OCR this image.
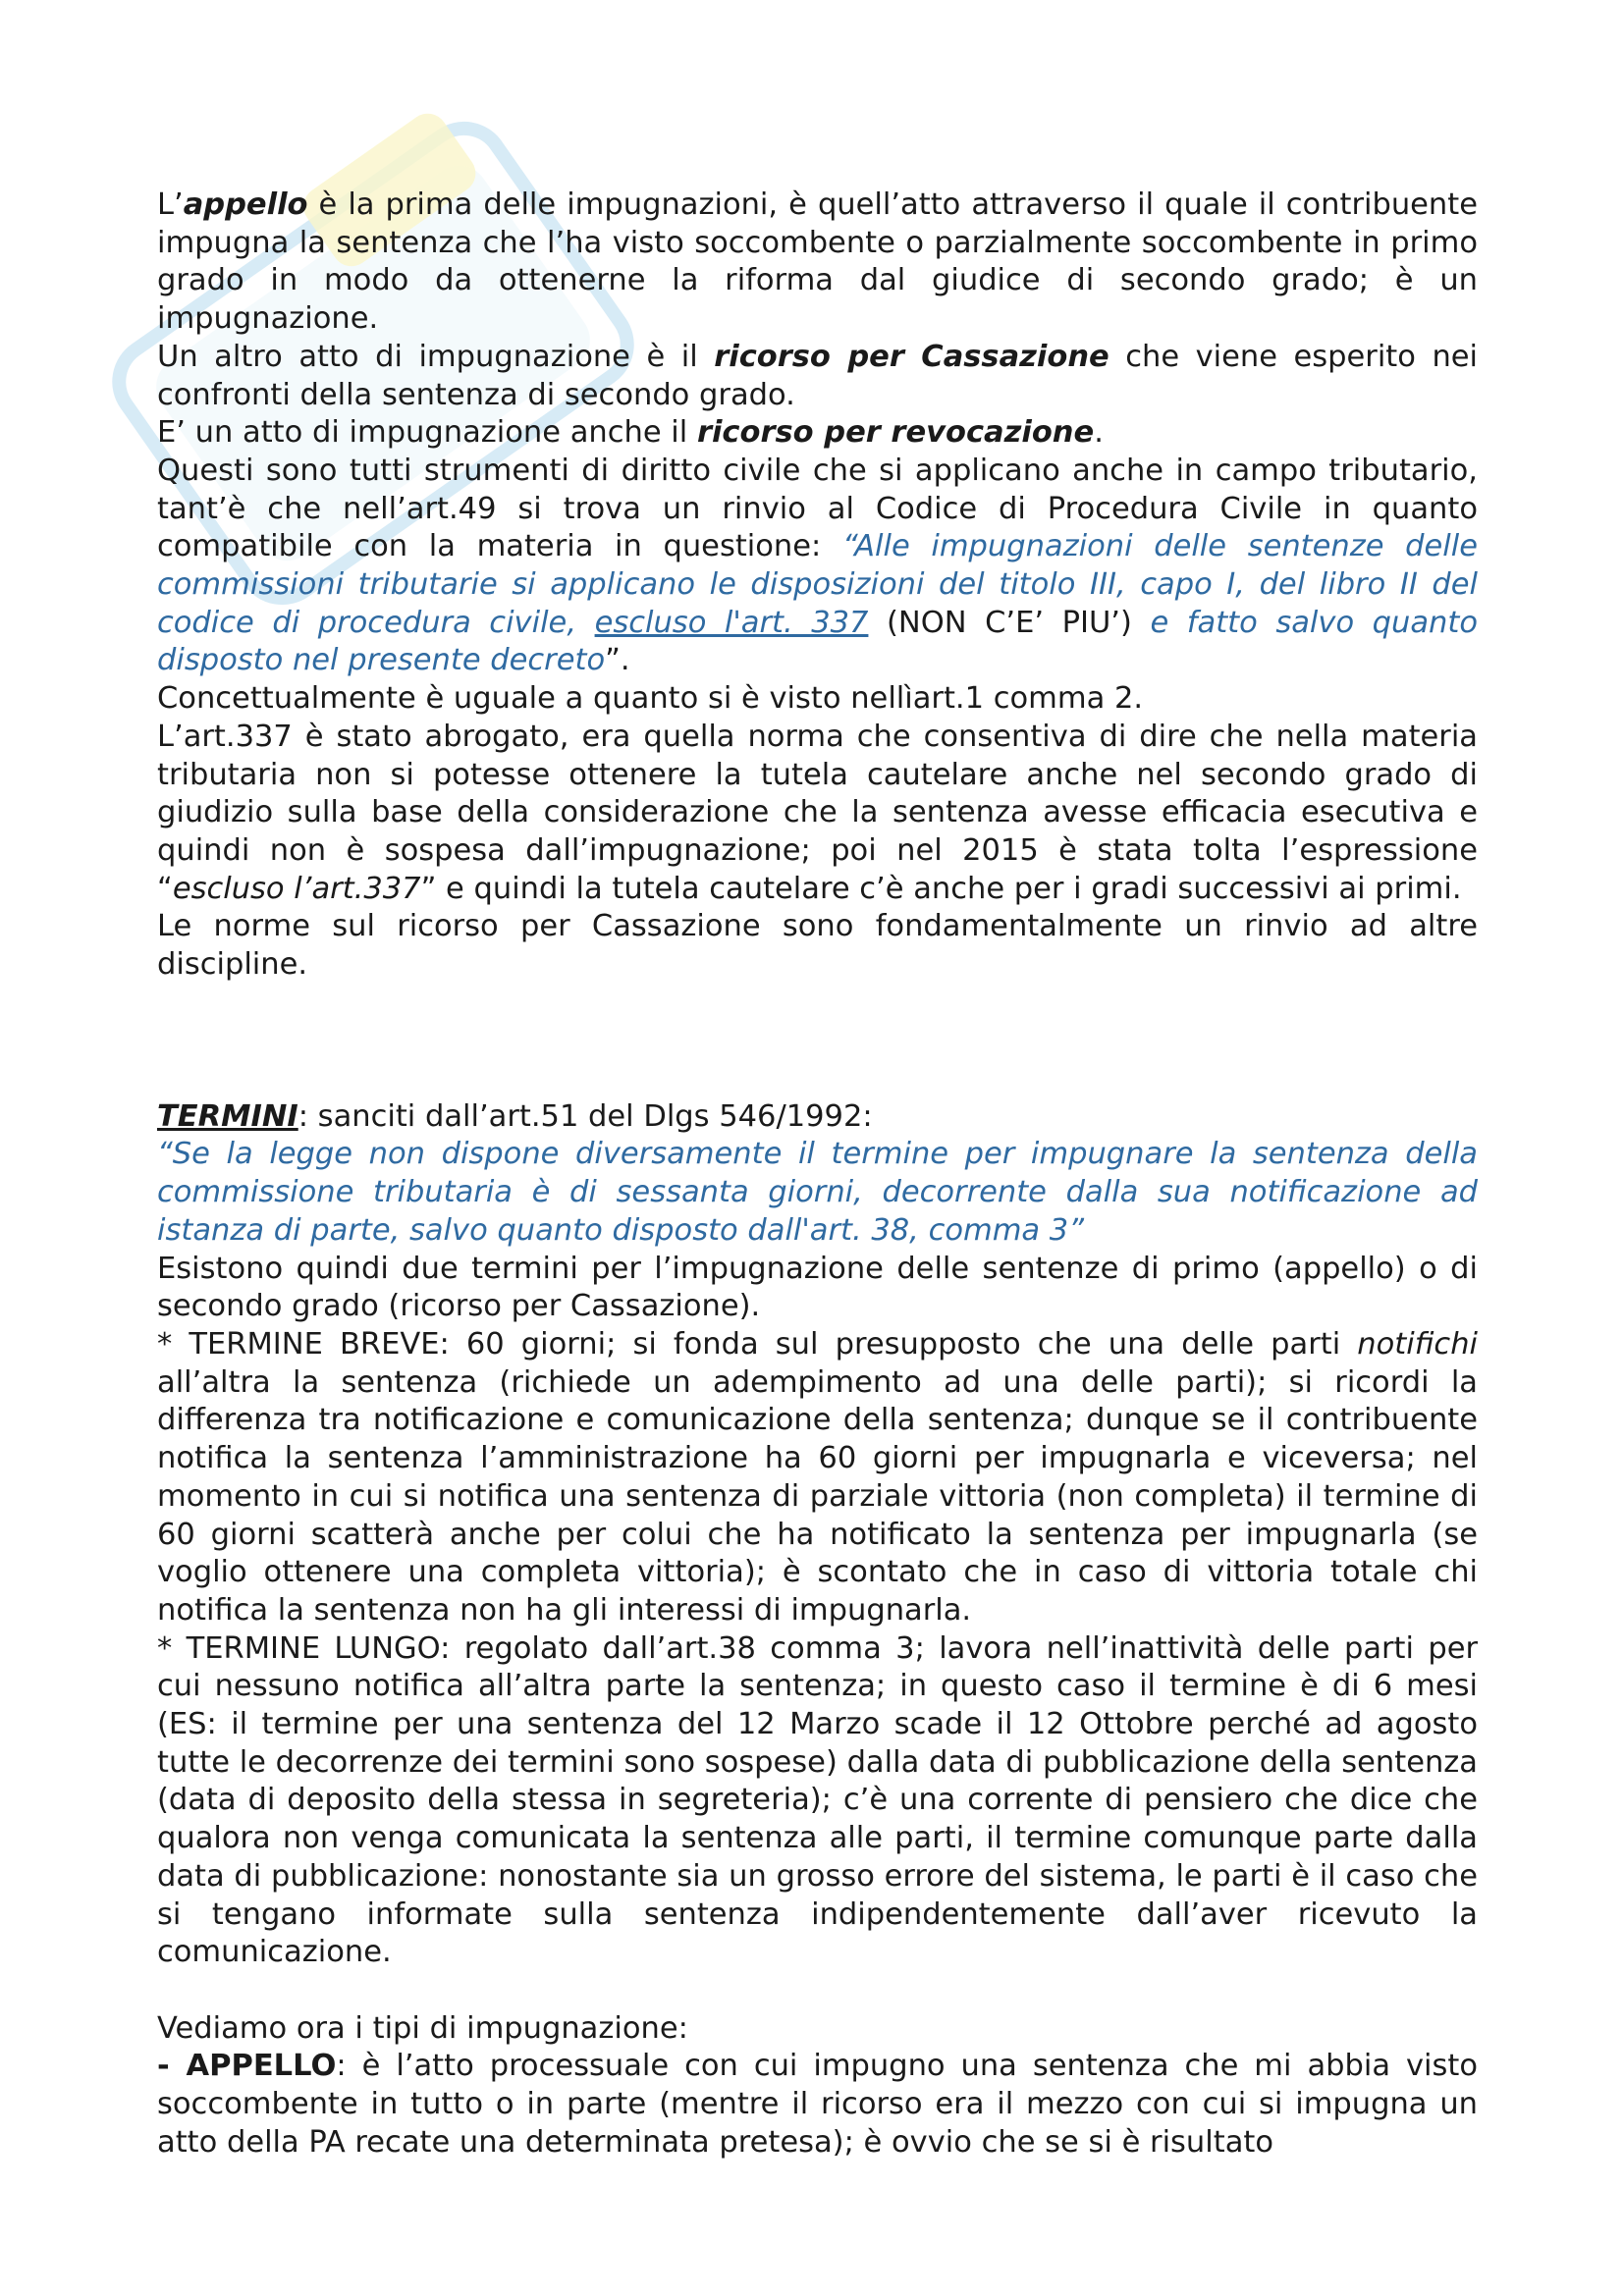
L’appello è la prima delle impugnazioni, è quell’atto attraverso il quale il contribuente impugna la sentenza che l’ha visto soccombente o parzialmente soccombente in primo grado in modo da ottenerne la riforma dal giudice di secondo grado; è un impugnazione.

Un altro atto di impugnazione è il ricorso per Cassazione che viene esperito nei confronti della sentenza di secondo grado.

E’ un atto di impugnazione anche il ricorso per revocazione.

Questi sono tutti strumenti di diritto civile che si applicano anche in campo tributario, tant’è che nell’art.49 si trova un rinvio al Codice di Procedura Civile in quanto compatibile con la materia in questione: “Alle impugnazioni delle sentenze delle commissioni tributarie si applicano le disposizioni del titolo III, capo I, del libro II del codice di procedura civile, escluso l'art. 337 (NON C’E’ PIU’) e fatto salvo quanto disposto nel presente decreto”.

Concettualmente è uguale a quanto si è visto nellìart.1 comma 2.

L’art.337 è stato abrogato, era quella norma che consentiva di dire che nella materia tributaria non si potesse ottenere la tutela cautelare anche nel secondo grado di giudizio sulla base della considerazione che la sentenza avesse efficacia esecutiva e quindi non è sospesa dall’impugnazione; poi nel 2015 è stata tolta l’espressione “escluso l’art.337” e quindi la tutela cautelare c’è anche per i gradi successivi ai primi.

Le norme sul ricorso per Cassazione sono fondamentalmente un rinvio ad altre discipline.

TERMINI: sanciti dall’art.51 del Dlgs 546/1992:

“Se la legge non dispone diversamente il termine per impugnare la sentenza della commissione tributaria è di sessanta giorni, decorrente dalla sua notificazione ad istanza di parte, salvo quanto disposto dall'art. 38, comma 3”

Esistono quindi due termini per l’impugnazione delle sentenze di primo (appello) o di secondo grado (ricorso per Cassazione).

* TERMINE BREVE: 60 giorni; si fonda sul presupposto che una delle parti notifichi all’altra la sentenza (richiede un adempimento ad una delle parti); si ricordi la differenza tra notificazione e comunicazione della sentenza; dunque se il contribuente notifica la sentenza l’amministrazione ha 60 giorni per impugnarla e viceversa; nel momento in cui si notifica una sentenza di parziale vittoria (non completa) il termine di 60 giorni scatterà anche per colui che ha notificato la sentenza per impugnarla (se voglio ottenere una completa vittoria); è scontato che in caso di vittoria totale chi notifica la sentenza non ha gli interessi di impugnarla.

* TERMINE LUNGO: regolato dall’art.38 comma 3; lavora nell’inattività delle parti per cui nessuno notifica all’altra parte la sentenza; in questo caso il termine è di 6 mesi (ES: il termine per una sentenza del 12 Marzo scade il 12 Ottobre perché ad agosto tutte le decorrenze dei termini sono sospese) dalla data di pubblicazione della sentenza (data di deposito della stessa in segreteria); c’è una corrente di pensiero che dice che qualora non venga comunicata la sentenza alle parti, il termine comunque parte dalla data di pubblicazione: nonostante sia un grosso errore del sistema, le parti è il caso che si tengano informate sulla sentenza indipendentemente dall’aver ricevuto la comunicazione.

Vediamo ora i tipi di impugnazione:

- APPELLO: è l’atto processuale con cui impugno una sentenza che mi abbia visto soccombente in tutto o in parte (mentre il ricorso era il mezzo con cui si impugna un atto della PA recate una determinata pretesa); è ovvio che se si è risultato
